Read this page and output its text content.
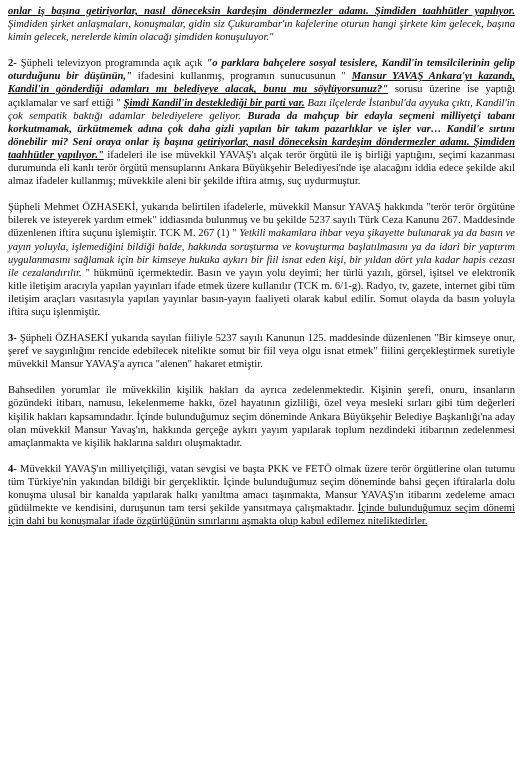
onlar iş başına getiriyorlar, nasıl döneceksin kardeşim döndermezler adamı. Şimdiden taahhütler yapılıyor. Şimdiden şirket anlaşmaları, konuşmalar, gidin siz Çukurambar'ın kafelerine oturun hangi şirkete kim gelecek, başına kimin gelecek, nerelerde kimin olacağı şimdiden konuşuluyor."

2- Şüpheli televizyon programında açık açık "o parklara bahçelere sosyal tesislere, Kandil'in temsilcilerinin gelip oturduğunu bir düşünün," ifadesini kullanmış, programın sunucusunun " Mansur YAVAŞ Ankara'yı kazandı, Kandil'in gönderdiği adamları mı belediyeye alacak, bunu mu söylüyorsunuz?" sorusu üzerine ise yaptığı açıklamalar ve sarf ettiği " Şimdi Kandil'in desteklediği bir parti var. Bazı ilçelerde İstanbul'da ayyuka çıktı, Kandil'in çok sempatik baktığı adamlar belediyelere geliyor. Burada da mahçup bir edayla seçmeni milliyetçi tabanı korkutmamak, ürkütmemek adına çok daha gizli yapılan bir takım pazarlıklar ve işler var… Kandil'e sırtını dönebilir mi? Seni oraya onlar iş başına getiriyorlar, nasıl döneceksin kardeşim döndermezler adamı. Şimdiden taahhütler yapılıyor." ifadeleri ile ise müvekkil YAVAŞ'ı alçak terör örgütü ile iş birliği yaptığını, seçimi kazanması durumunda eli kanlı terör örgütü mensuplarını Ankara Büyükşehir Belediyesi'nde işe alacağını iddia edece şekilde akıl almaz ifadeler kullanmış; müvekkile aleni bir şekilde iftira atmış, suç uydurmuştur.

Şüpheli Mehmet ÖZHASEKİ, yukarıda belirtilen ifadelerle, müvekkil Mansur YAVAŞ hakkında "terör terör örgütüne bilerek ve isteyerek yardım etmek" iddiasında bulunmuş ve bu şekilde 5237 sayılı Türk Ceza Kanunu 267. Maddesinde düzenlenen iftira suçunu işlemiştir. TCK M. 267 (1) " Yetkili makamlara ihbar veya şikayette bulunarak ya da basın ve yayın yoluyla, işlemediğini bildiği halde, hakkında soruşturma ve kovuşturma başlatılmasını ya da idari bir yaptırım uygulanmasını sağlamak için bir kimseye hukuka aykırı bir fiil isnat eden kişi, bir yıldan dört yıla kadar hapis cezası ile cezalandırılır. " hükmünü içermektedir. Basın ve yayın yolu deyimi; her türlü yazılı, görsel, işitsel ve elektronik kitle iletişim aracıyla yapılan yayınları ifade etmek üzere kullanılır (TCK m. 6/1-g). Radyo, tv, gazete, internet gibi tüm iletişim araçları vasıtasıyla yapılan yayınlar basın-yayın faaliyeti olarak kabul edilir. Somut olayda da basın yoluyla iftira suçu işlenmiştir.

3- Şüpheli ÖZHASEKİ yukarıda sayılan fiiliyle 5237 sayılı Kanunun 125. maddesinde düzenlenen "Bir kimseye onur, şeref ve saygınlığını rencide edebilecek nitelikte somut bir fiil veya olgu isnat etmek" fiilini gerçekleştirmek suretiyle müvekkil Mansur YAVAŞ'a ayrıca "alenen" hakaret etmiştir.

Bahsedilen yorumlar ile müvekkilin kişilik hakları da ayrıca zedelenmektedir. Kişinin şerefi, onuru, insanların gözündeki itibarı, namusu, lekelenmeme hakkı, özel hayatının gizliliği, özel veya mesleki sırları gibi tüm değerleri kişilik hakları kapsamındadır. İçinde bulunduğumuz seçim döneminde Ankara Büyükşehir Belediye Başkanlığı'na aday olan müvekkil Mansur Yavaş'ın, hakkında gerçeğe aykırı yayım yapılarak toplum nezdindeki itibarının zedelenmesi amaçlanmakta ve kişilik haklarına saldırı oluşmaktadır.

4- Müvekkil YAVAŞ'ın milliyetçiliği, vatan sevgisi ve başta PKK ve FETÖ olmak üzere terör örgütlerine olan tutumu tüm Türkiye'nin yakından bildiği bir gerçekliktir. İçinde bulunduğumuz seçim döneminde bahsi geçen iftiralarla dolu konuşma ulusal bir kanalda yapılarak halkı yanıltma amacı taşınmakta, Mansur YAVAŞ'ın itibarını zedeleme amacı güdülmekte ve kendisini, duruşunun tam tersi şekilde yansıtmaya çalışmaktadır. İçinde bulunduğumuz seçim dönemi için dahi bu konuşmalar ifade özgürlüğünün sınırlarını aşmakta olup kabul edilemez niteliktedirler.
